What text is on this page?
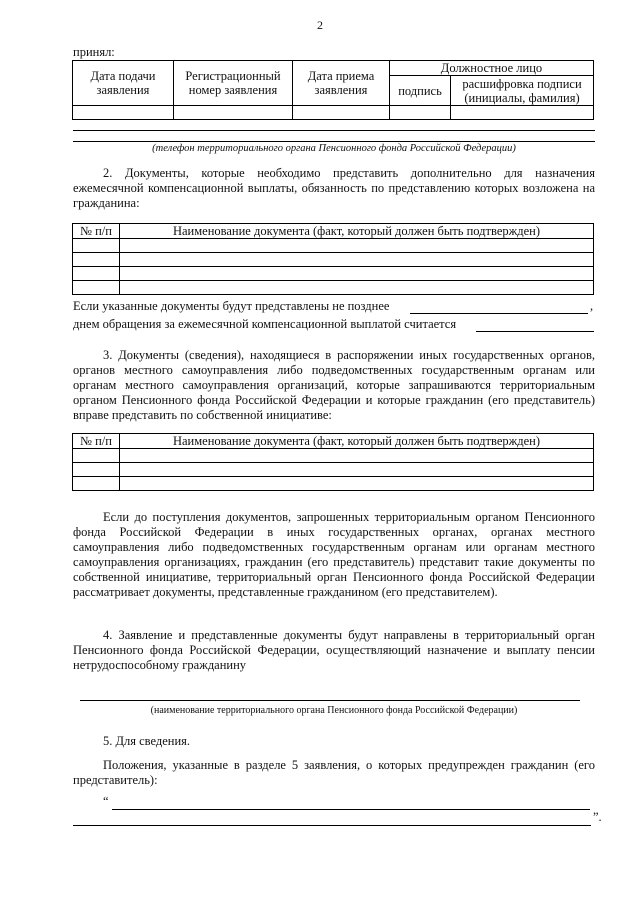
2
принял:
Дата подачи заявления	Регистрационный номер заявления	Дата приема заявления	Должностное лицо	
			подпись	расшифровка подписи (инициалы, фамилия)

(телефон территориального органа Пенсионного фонда Российской Федерации)
2. Документы, которые необходимо представить дополнительно для назначения ежемесячной компенсационной выплаты, обязанность по представлению которых возложена на гражданина:
№ п/п	Наименование документа (факт, который должен быть подтвержден)

Если указанные документы будут представлены не позднее	,
днем обращения за ежемесячной компенсационной выплатой считается
3. Документы (сведения), находящиеся в распоряжении иных государственных органов, органов местного самоуправления либо подведомственных государственным органам или органам местного самоуправления организаций, которые запрашиваются территориальным органом Пенсионного фонда Российской Федерации и которые гражданин (его представитель) вправе представить по собственной инициативе:
№ п/п	Наименование документа (факт, который должен быть подтвержден)

Если до поступления документов, запрошенных территориальным органом Пенсионного фонда Российской Федерации в иных государственных органах, органах местного самоуправления либо подведомственных государственным органам или органам местного самоуправления организациях, гражданин (его представитель) представит такие документы по собственной инициативе, территориальный орган Пенсионного фонда Российской Федерации рассматривает документы, представленные гражданином (его представителем).
4. Заявление и представленные документы будут направлены в территориальный орган Пенсионного фонда Российской Федерации, осуществляющий назначение и выплату пенсии нетрудоспособному гражданину
(наименование территориального органа Пенсионного фонда Российской Федерации)
5. Для сведения.
Положения, указанные в разделе 5 заявления, о которых предупрежден гражданин (его представитель):
“
”.
